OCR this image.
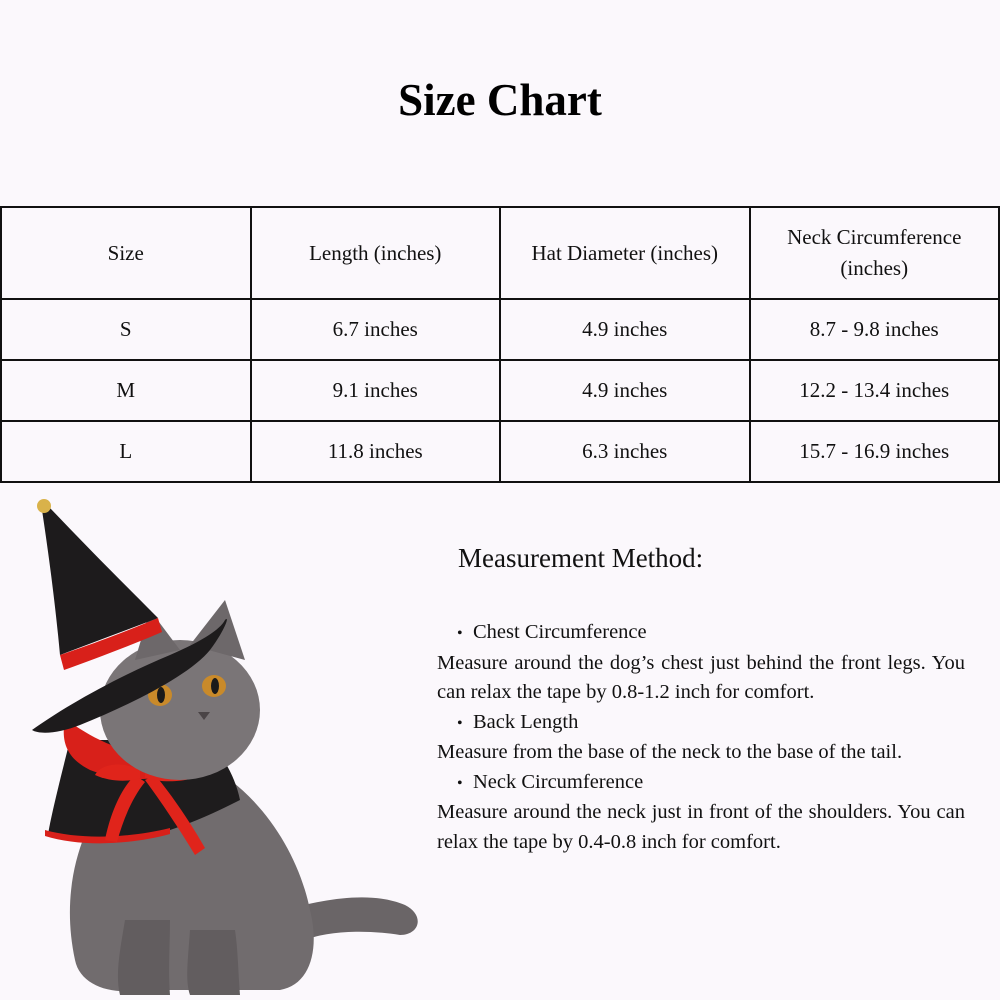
Size Chart
Size	Length (inches)	Hat Diameter (inches)	Neck Circumference (inches)
S	6.7 inches	4.9 inches	8.7 - 9.8 inches
M	9.1 inches	4.9 inches	12.2 - 13.4 inches
L	11.8 inches	6.3 inches	15.7 - 16.9 inches
Measurement Method:
• Chest Circumference
Measure around the dog’s chest just behind the front legs. You can relax the tape by 0.8-1.2 inch for comfort.
• Back Length
Measure from the base of the neck to the base of the tail.
• Neck Circumference
Measure around the neck just in front of the shoulders. You can relax the tape by 0.4-0.8 inch for comfort.
